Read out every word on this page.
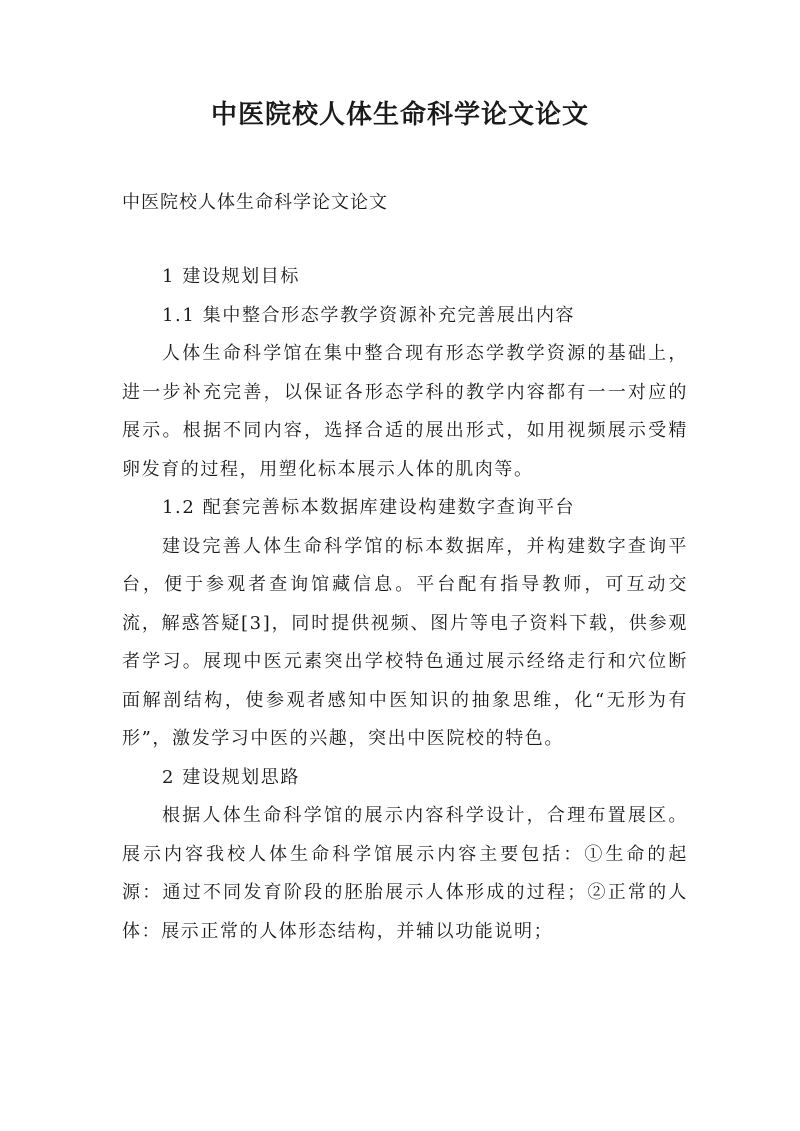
中医院校人体生命科学论文论文
中医院校人体生命科学论文论文

1 建设规划目标

1.1 集中整合形态学教学资源补充完善展出内容

人体生命科学馆在集中整合现有形态学教学资源的基础上，进一步补充完善，以保证各形态学科的教学内容都有一一对应的展示。根据不同内容，选择合适的展出形式，如用视频展示受精卵发育的过程，用塑化标本展示人体的肌肉等。

1.2 配套完善标本数据库建设构建数字查询平台

建设完善人体生命科学馆的标本数据库，并构建数字查询平台，便于参观者查询馆藏信息。平台配有指导教师，可互动交流，解惑答疑[3]，同时提供视频、图片等电子资料下载，供参观者学习。展现中医元素突出学校特色通过展示经络走行和穴位断面解剖结构，使参观者感知中医知识的抽象思维，化“无形为有形”，激发学习中医的兴趣，突出中医院校的特色。

2 建设规划思路

根据人体生命科学馆的展示内容科学设计，合理布置展区。展示内容我校人体生命科学馆展示内容主要包括：①生命的起源：通过不同发育阶段的胚胎展示人体形成的过程；②正常的人体：展示正常的人体形态结构，并辅以功能说明；
